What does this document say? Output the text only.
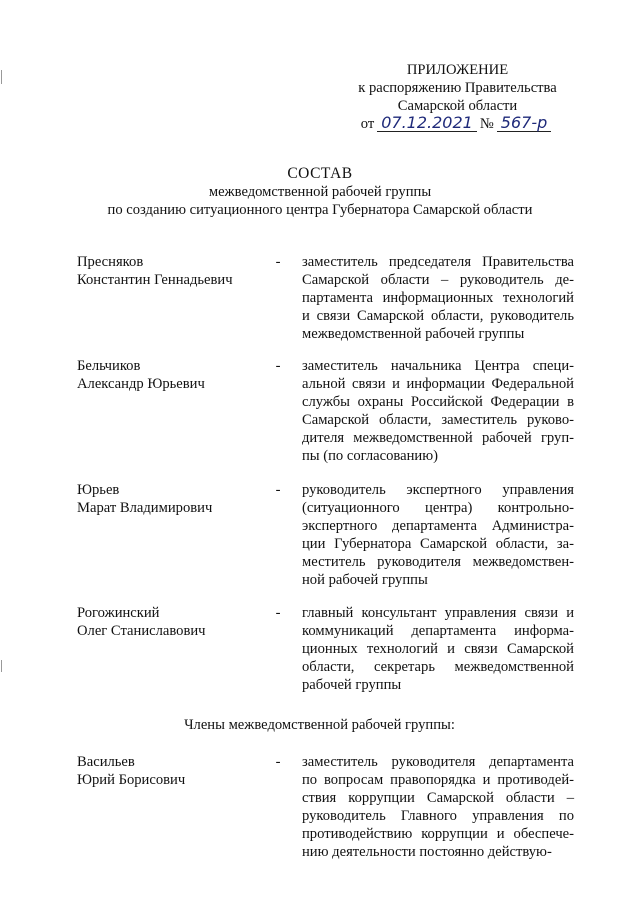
ПРИЛОЖЕНИЕ
к распоряжению Правительства
Самарской области
от 07.12.2021 № 567-р
СОСТАВ
межведомственной рабочей группы
по созданию ситуационного центра Губернатора Самарской области
Пресняков
Константин Геннадьевич
- заместитель председателя Правительства
Самарской области – руководитель де-
партамента информационных технологий
и связи Самарской области, руководитель
межведомственной рабочей группы
Бельчиков
Александр Юрьевич
- заместитель начальника Центра специ-
альной связи и информации Федеральной
службы охраны Российской Федерации в
Самарской области, заместитель руково-
дителя межведомственной рабочей груп-
пы (по согласованию)
Юрьев
Марат Владимирович
- руководитель экспертного управления
(ситуационного центра) контрольно-
экспертного департамента Администра-
ции Губернатора Самарской области, за-
меститель руководителя межведомствен-
ной рабочей группы
Рогожинский
Олег Станиславович
- главный консультант управления связи и
коммуникаций департамента информа-
ционных технологий и связи Самарской
области, секретарь межведомственной
рабочей группы
Члены межведомственной рабочей группы:
Васильев
Юрий Борисович
- заместитель руководителя департамента
по вопросам правопорядка и противодей-
ствия коррупции Самарской области –
руководитель Главного управления по
противодействию коррупции и обеспече-
нию деятельности постоянно действую-
